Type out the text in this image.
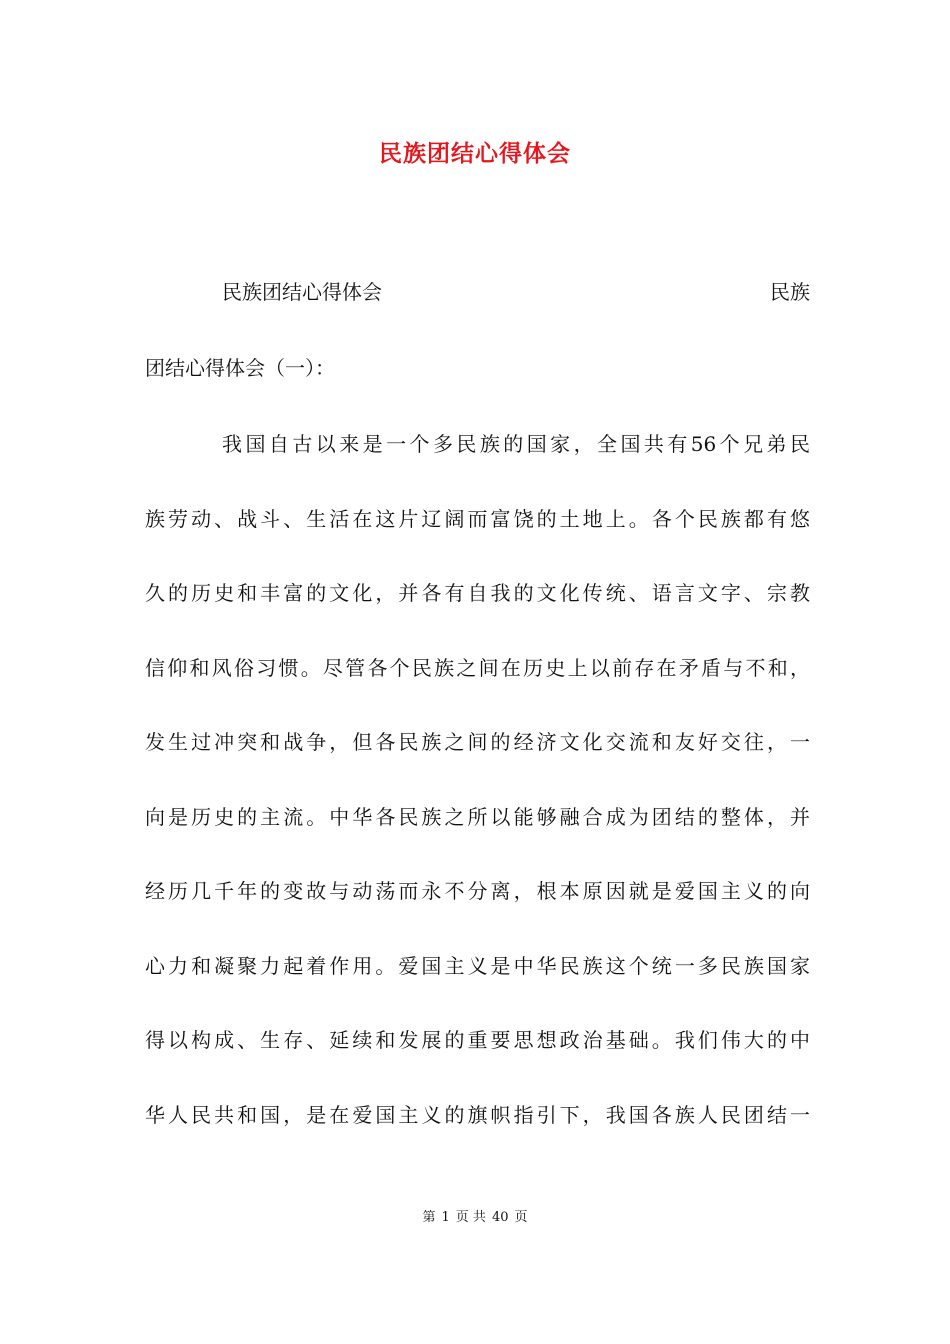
民族团结心得体会
民族团结心得体会	民族
团结心得体会（一）：
我国自古以来是一个多民族的国家，全国共有56个兄弟民
族劳动、战斗、生活在这片辽阔而富饶的土地上。各个民族都有悠
久的历史和丰富的文化，并各有自我的文化传统、语言文字、宗教
信仰和风俗习惯。尽管各个民族之间在历史上以前存在矛盾与不和，
发生过冲突和战争，但各民族之间的经济文化交流和友好交往，一
向是历史的主流。中华各民族之所以能够融合成为团结的整体，并
经历几千年的变故与动荡而永不分离，根本原因就是爱国主义的向
心力和凝聚力起着作用。爱国主义是中华民族这个统一多民族国家
得以构成、生存、延续和发展的重要思想政治基础。我们伟大的中
华人民共和国，是在爱国主义的旗帜指引下，我国各族人民团结一
第 1 页 共 40 页
